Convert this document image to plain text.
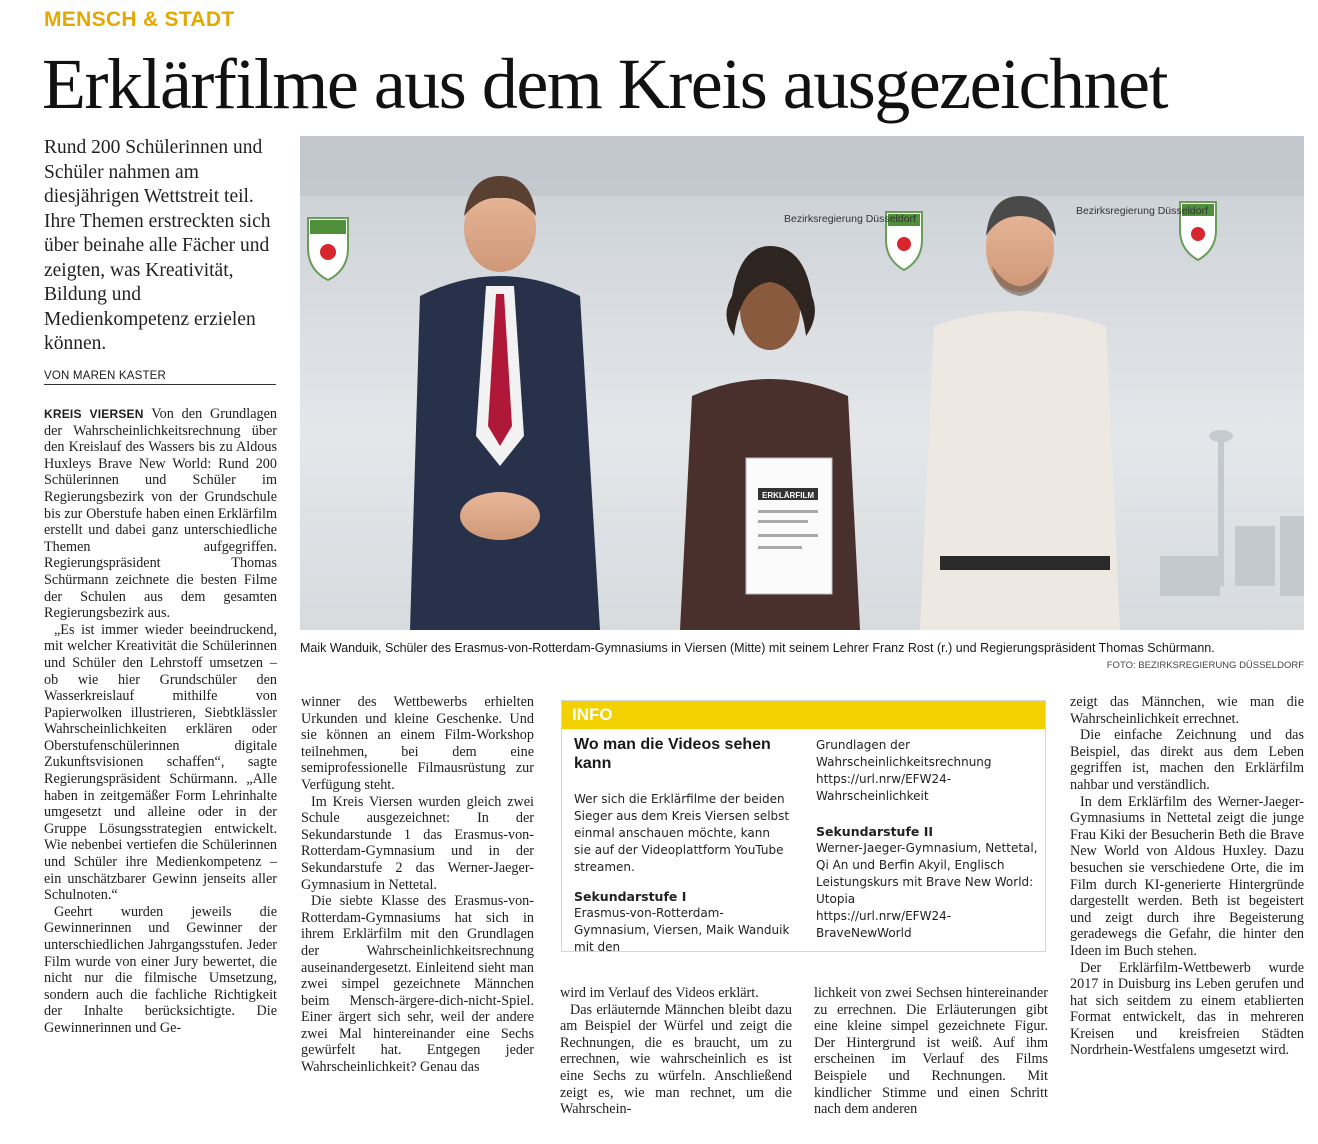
MENSCH & STADT
Erklärfilme aus dem Kreis ausgezeichnet

Rund 200 Schülerinnen und Schüler nahmen am diesjährigen Wettstreit teil. Ihre Themen erstreckten sich über beinahe alle Fächer und zeigten, was Kreativität, Bildung und Medienkompetenz erzielen können.

VON MAREN KASTER

KREIS VIERSEN Von den Grundlagen der Wahrscheinlichkeitsrechnung über den Kreislauf des Wassers bis zu Aldous Huxleys Brave New World: Rund 200 Schülerinnen und Schüler im Regierungsbezirk von der Grundschule bis zur Oberstufe haben einen Erklärfilm erstellt und dabei ganz unterschiedliche Themen aufgegriffen. Regierungspräsident Thomas Schürmann zeichnete die besten Filme der Schulen aus dem gesamten Regierungsbezirk aus.

„Es ist immer wieder beeindruckend, mit welcher Kreativität die Schülerinnen und Schüler den Lehrstoff umsetzen – ob wie hier Grundschüler den Wasserkreislauf mithilfe von Papierwolken illustrieren, Siebtklässler Wahrscheinlichkeiten erklären oder Oberstufenschülerinnen digitale Zukunftsvisionen schaffen“, sagte Regierungspräsident Schürmann. „Alle haben in zeitgemäßer Form Lehrinhalte umgesetzt und alleine oder in der Gruppe Lösungsstrategien entwickelt. Wie nebenbei vertiefen die Schülerinnen und Schüler ihre Medienkompetenz – ein unschätzbarer Gewinn jenseits aller Schulnoten.“

Geehrt wurden jeweils die Gewinnerinnen und Gewinner der unterschiedlichen Jahrgangsstufen. Jeder Film wurde von einer Jury bewertet, die nicht nur die filmische Umsetzung, sondern auch die fachliche Richtigkeit der Inhalte berücksichtigte. Die Gewinnerinnen und Ge-

Bezirksregierung Düsseldorf
Bezirksregierung Düsseldorf
ERKLÄRFILM
Maik Wanduik, Schüler des Erasmus-von-Rotterdam-Gymnasiums in Viersen (Mitte) mit seinem Lehrer Franz Rost (r.) und Regierungspräsident Thomas Schürmann.
FOTO: BEZIRKSREGIERUNG DÜSSELDORF

winner des Wettbewerbs erhielten Urkunden und kleine Geschenke. Und sie können an einem Film-Workshop teilnehmen, bei dem eine semiprofessionelle Filmausrüstung zur Verfügung steht.

Im Kreis Viersen wurden gleich zwei Schule ausgezeichnet: In der Sekundarstunde 1 das Erasmus-von-Rotterdam-Gymnasium und in der Sekundarstufe 2 das Werner-Jaeger-Gymnasium in Nettetal.

Die siebte Klasse des Erasmus-von-Rotterdam-Gymnasiums hat sich in ihrem Erklärfilm mit den Grundlagen der Wahrscheinlichkeitsrechnung auseinandergesetzt. Einleitend sieht man zwei simpel gezeichnete Männchen beim Mensch-ärgere-dich-nicht-Spiel. Einer ärgert sich sehr, weil der andere zwei Mal hintereinander eine Sechs gewürfelt hat. Entgegen jeder Wahrscheinlichkeit? Genau das

INFO
Wo man die Videos sehen kann
Wer sich die Erklärfilme der beiden Sieger aus dem Kreis Viersen selbst einmal anschauen möchte, kann sie auf der Videoplattform YouTube streamen.
Sekundarstufe I
Erasmus-von-Rotterdam-Gymnasium, Viersen, Maik Wanduik mit den
Grundlagen der Wahrscheinlichkeitsrechnung
https://url.nrw/EFW24-Wahrscheinlichkeit
Sekundarstufe II
Werner-Jaeger-Gymnasium, Nettetal, Qi An und Berfin Akyil, Englisch Leistungskurs mit Brave New World: Utopia
https://url.nrw/EFW24-BraveNewWorld

wird im Verlauf des Videos erklärt.

Das erläuternde Männchen bleibt dazu am Beispiel der Würfel und zeigt die Rechnungen, die es braucht, um zu errechnen, wie wahrscheinlich es ist eine Sechs zu würfeln. Anschließend zeigt es, wie man rechnet, um die Wahrschein-

lichkeit von zwei Sechsen hintereinander zu errechnen. Die Erläuterungen gibt eine kleine simpel gezeichnete Figur. Der Hintergrund ist weiß. Auf ihm erscheinen im Verlauf des Films Beispiele und Rechnungen. Mit kindlicher Stimme und einen Schritt nach dem anderen

zeigt das Männchen, wie man die Wahrscheinlichkeit errechnet.

Die einfache Zeichnung und das Beispiel, das direkt aus dem Leben gegriffen ist, machen den Erklärfilm nahbar und verständlich.

In dem Erklärfilm des Werner-Jaeger-Gymnasiums in Nettetal zeigt die junge Frau Kiki der Besucherin Beth die Brave New World von Aldous Huxley. Dazu besuchen sie verschiedene Orte, die im Film durch KI-generierte Hintergründe dargestellt werden. Beth ist begeistert und zeigt durch ihre Begeisterung geradewegs die Gefahr, die hinter den Ideen im Buch stehen.

Der Erklärfilm-Wettbewerb wurde 2017 in Duisburg ins Leben gerufen und hat sich seitdem zu einem etablierten Format entwickelt, das in mehreren Kreisen und kreisfreien Städten Nordrhein-Westfalens umgesetzt wird.
